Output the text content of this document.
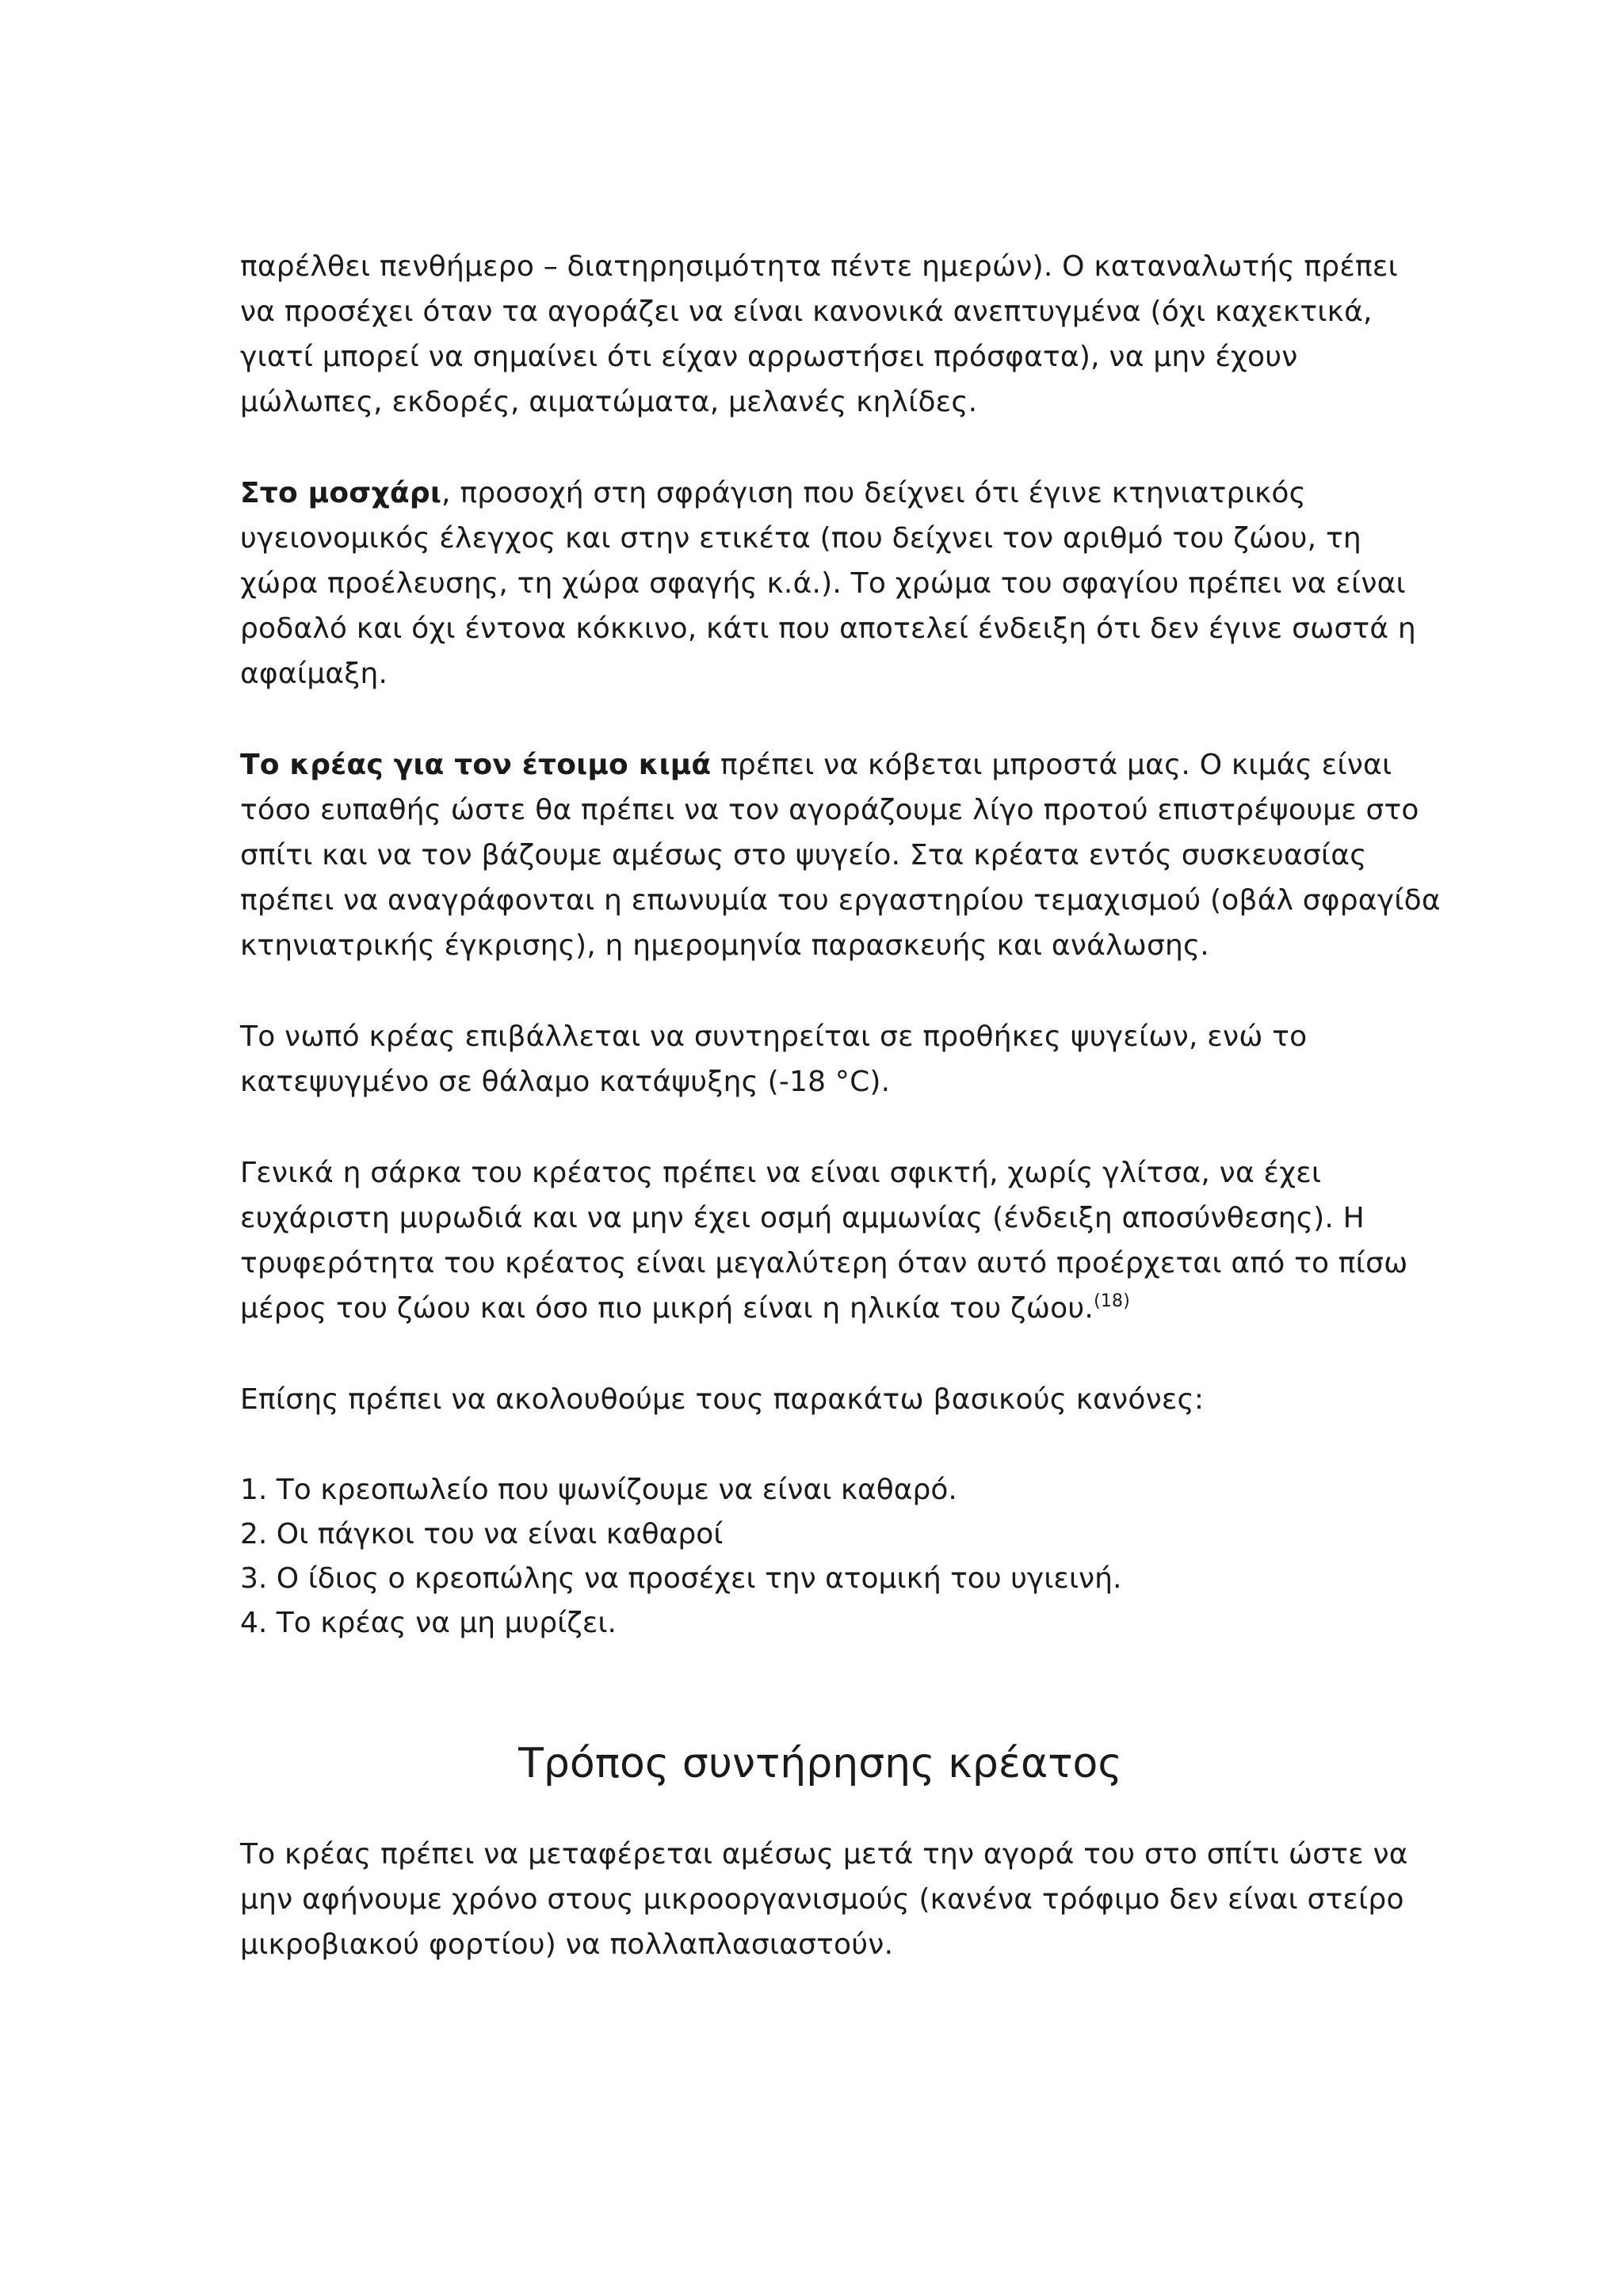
παρέλθει πενθήμερο – διατηρησιμότητα πέντε ημερών). Ο καταναλωτής πρέπει
να προσέχει όταν τα αγοράζει να είναι κανονικά ανεπτυγμένα (όχι καχεκτικά,
γιατί μπορεί να σημαίνει ότι είχαν αρρωστήσει πρόσφατα), να μην έχουν
μώλωπες, εκδορές, αιματώματα, μελανές κηλίδες.

Στο μοσχάρι, προσοχή στη σφράγιση που δείχνει ότι έγινε κτηνιατρικός
υγειονομικός έλεγχος και στην ετικέτα (που δείχνει τον αριθμό του ζώου, τη
χώρα προέλευσης, τη χώρα σφαγής κ.ά.). Το χρώμα του σφαγίου πρέπει να είναι
ροδαλό και όχι έντονα κόκκινο, κάτι που αποτελεί ένδειξη ότι δεν έγινε σωστά η
αφαίμαξη.

Το κρέας για τον έτοιμο κιμά πρέπει να κόβεται μπροστά μας. Ο κιμάς είναι
τόσο ευπαθής ώστε θα πρέπει να τον αγοράζουμε λίγο προτού επιστρέψουμε στο
σπίτι και να τον βάζουμε αμέσως στο ψυγείο. Στα κρέατα εντός συσκευασίας
πρέπει να αναγράφονται η επωνυμία του εργαστηρίου τεμαχισμού (οβάλ σφραγίδα
κτηνιατρικής έγκρισης), η ημερομηνία παρασκευής και ανάλωσης.

Το νωπό κρέας επιβάλλεται να συντηρείται σε προθήκες ψυγείων, ενώ το
κατεψυγμένο σε θάλαμο κατάψυξης (-18 °C).

Γενικά η σάρκα του κρέατος πρέπει να είναι σφικτή, χωρίς γλίτσα, να έχει
ευχάριστη μυρωδιά και να μην έχει οσμή αμμωνίας (ένδειξη αποσύνθεσης). Η
τρυφερότητα του κρέατος είναι μεγαλύτερη όταν αυτό προέρχεται από το πίσω
μέρος του ζώου και όσο πιο μικρή είναι η ηλικία του ζώου.$^{(18)}$

Επίσης πρέπει να ακολουθούμε τους παρακάτω βασικούς κανόνες:

1. Το κρεοπωλείο που ψωνίζουμε να είναι καθαρό.
2. Οι πάγκοι του να είναι καθαροί
3. Ο ίδιος ο κρεοπώλης να προσέχει την ατομική του υγιεινή.
4. Το κρέας να μη μυρίζει.
Τρόπος συντήρησης κρέατος

Το κρέας πρέπει να μεταφέρεται αμέσως μετά την αγορά του στο σπίτι ώστε να
μην αφήνουμε χρόνο στους μικροοργανισμούς (κανένα τρόφιμο δεν είναι στείρο
μικροβιακού φορτίου) να πολλαπλασιαστούν.
